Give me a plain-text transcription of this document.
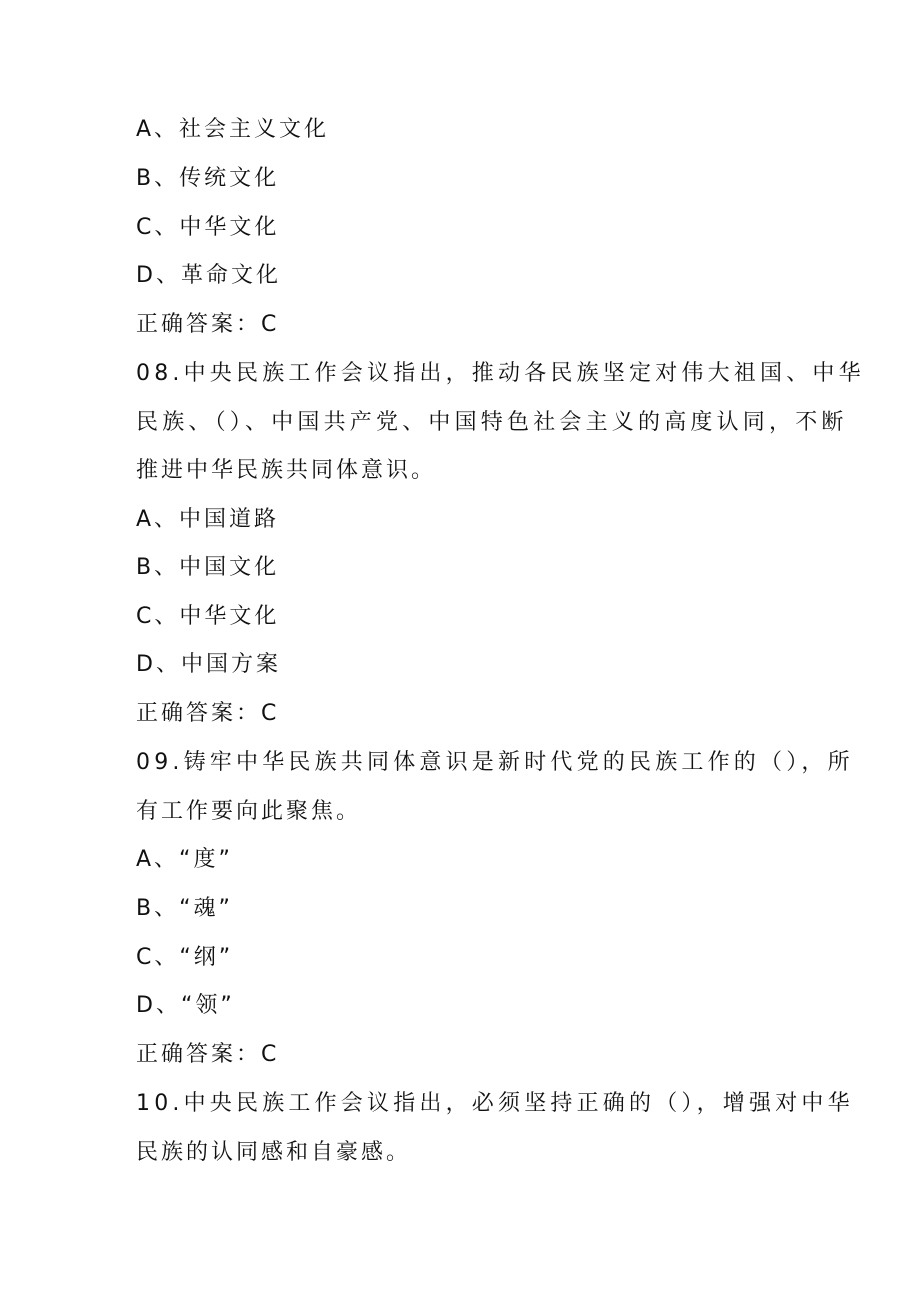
A、社会主义文化
B、传统文化
C、中华文化
D、革命文化
正确答案：C
08.中央民族工作会议指出，推动各民族坚定对伟大祖国、中华
民族、（）、中国共产党、中国特色社会主义的高度认同，不断
推进中华民族共同体意识。
A、中国道路
B、中国文化
C、中华文化
D、中国方案
正确答案：C
09.铸牢中华民族共同体意识是新时代党的民族工作的（），所
有工作要向此聚焦。
A、“度”
B、“魂”
C、“纲”
D、“领”
正确答案：C
10.中央民族工作会议指出，必须坚持正确的（），增强对中华
民族的认同感和自豪感。
